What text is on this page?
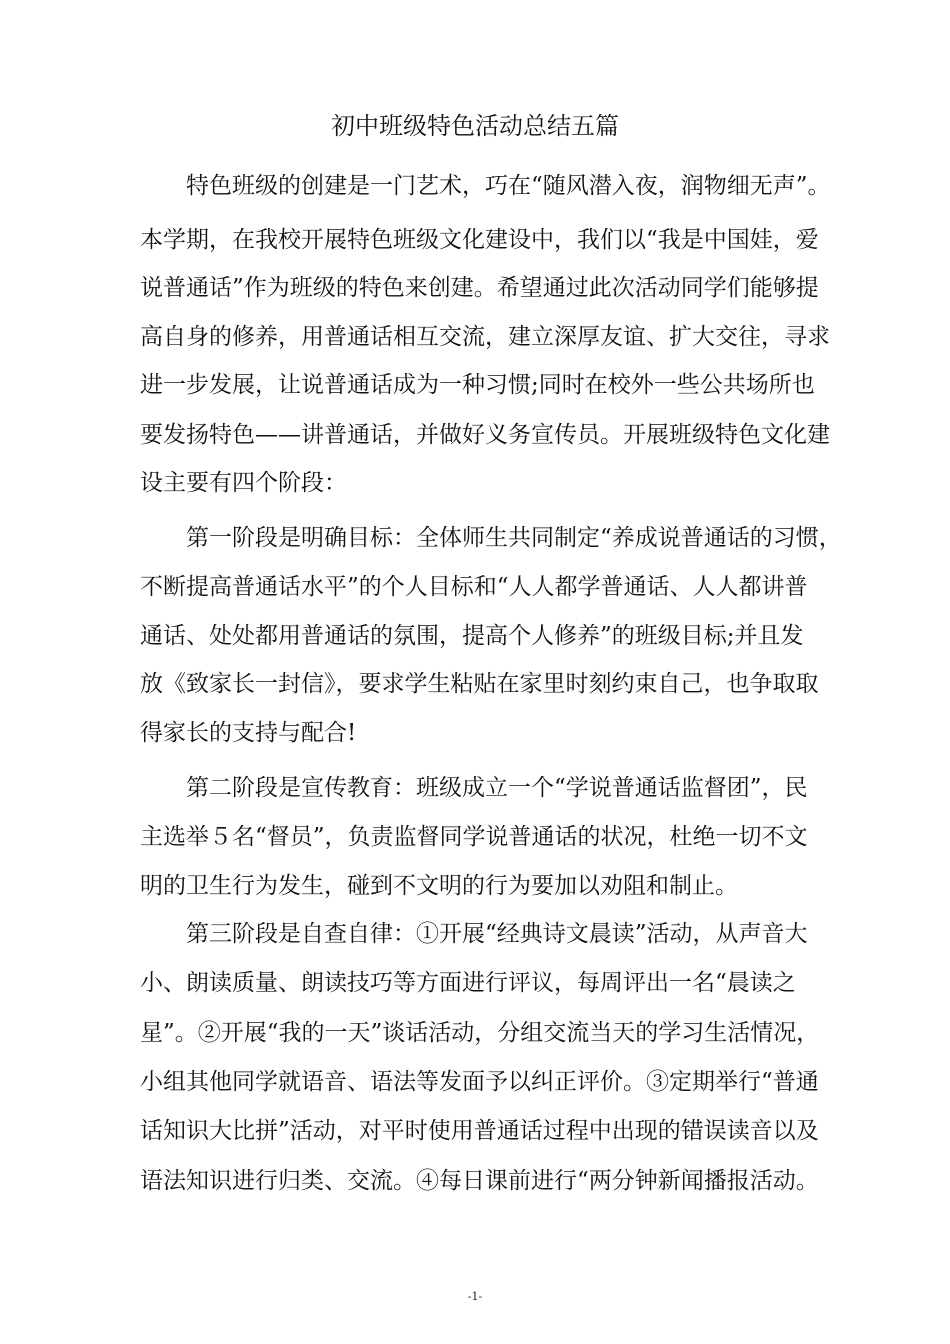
初中班级特色活动总结五篇
特色班级的创建是一门艺术，巧在“随风潜入夜，润物细无声”。
本学期，在我校开展特色班级文化建设中，我们以“我是中国娃，爱
说普通话”作为班级的特色来创建。希望通过此次活动同学们能够提
高自身的修养，用普通话相互交流，建立深厚友谊、扩大交往，寻求
进一步发展，让说普通话成为一种习惯;同时在校外一些公共场所也
要发扬特色——讲普通话，并做好义务宣传员。开展班级特色文化建
设主要有四个阶段：
第一阶段是明确目标：全体师生共同制定“养成说普通话的习惯，
不断提高普通话水平”的个人目标和“人人都学普通话、人人都讲普
通话、处处都用普通话的氛围，提高个人修养”的班级目标;并且发
放《致家长一封信》，要求学生粘贴在家里时刻约束自己，也争取取
得家长的支持与配合!
第二阶段是宣传教育：班级成立一个“学说普通话监督团”，民
主选举５名“督员”，负责监督同学说普通话的状况，杜绝一切不文
明的卫生行为发生，碰到不文明的行为要加以劝阻和制止。
第三阶段是自查自律：①开展“经典诗文晨读”活动，从声音大
小、朗读质量、朗读技巧等方面进行评议，每周评出一名“晨读之
星”。②开展“我的一天”谈话活动，分组交流当天的学习生活情况，
小组其他同学就语音、语法等发面予以纠正评价。③定期举行“普通
话知识大比拼”活动，对平时使用普通话过程中出现的错误读音以及
语法知识进行归类、交流。④每日课前进行“两分钟新闻播报活动。
-1-
